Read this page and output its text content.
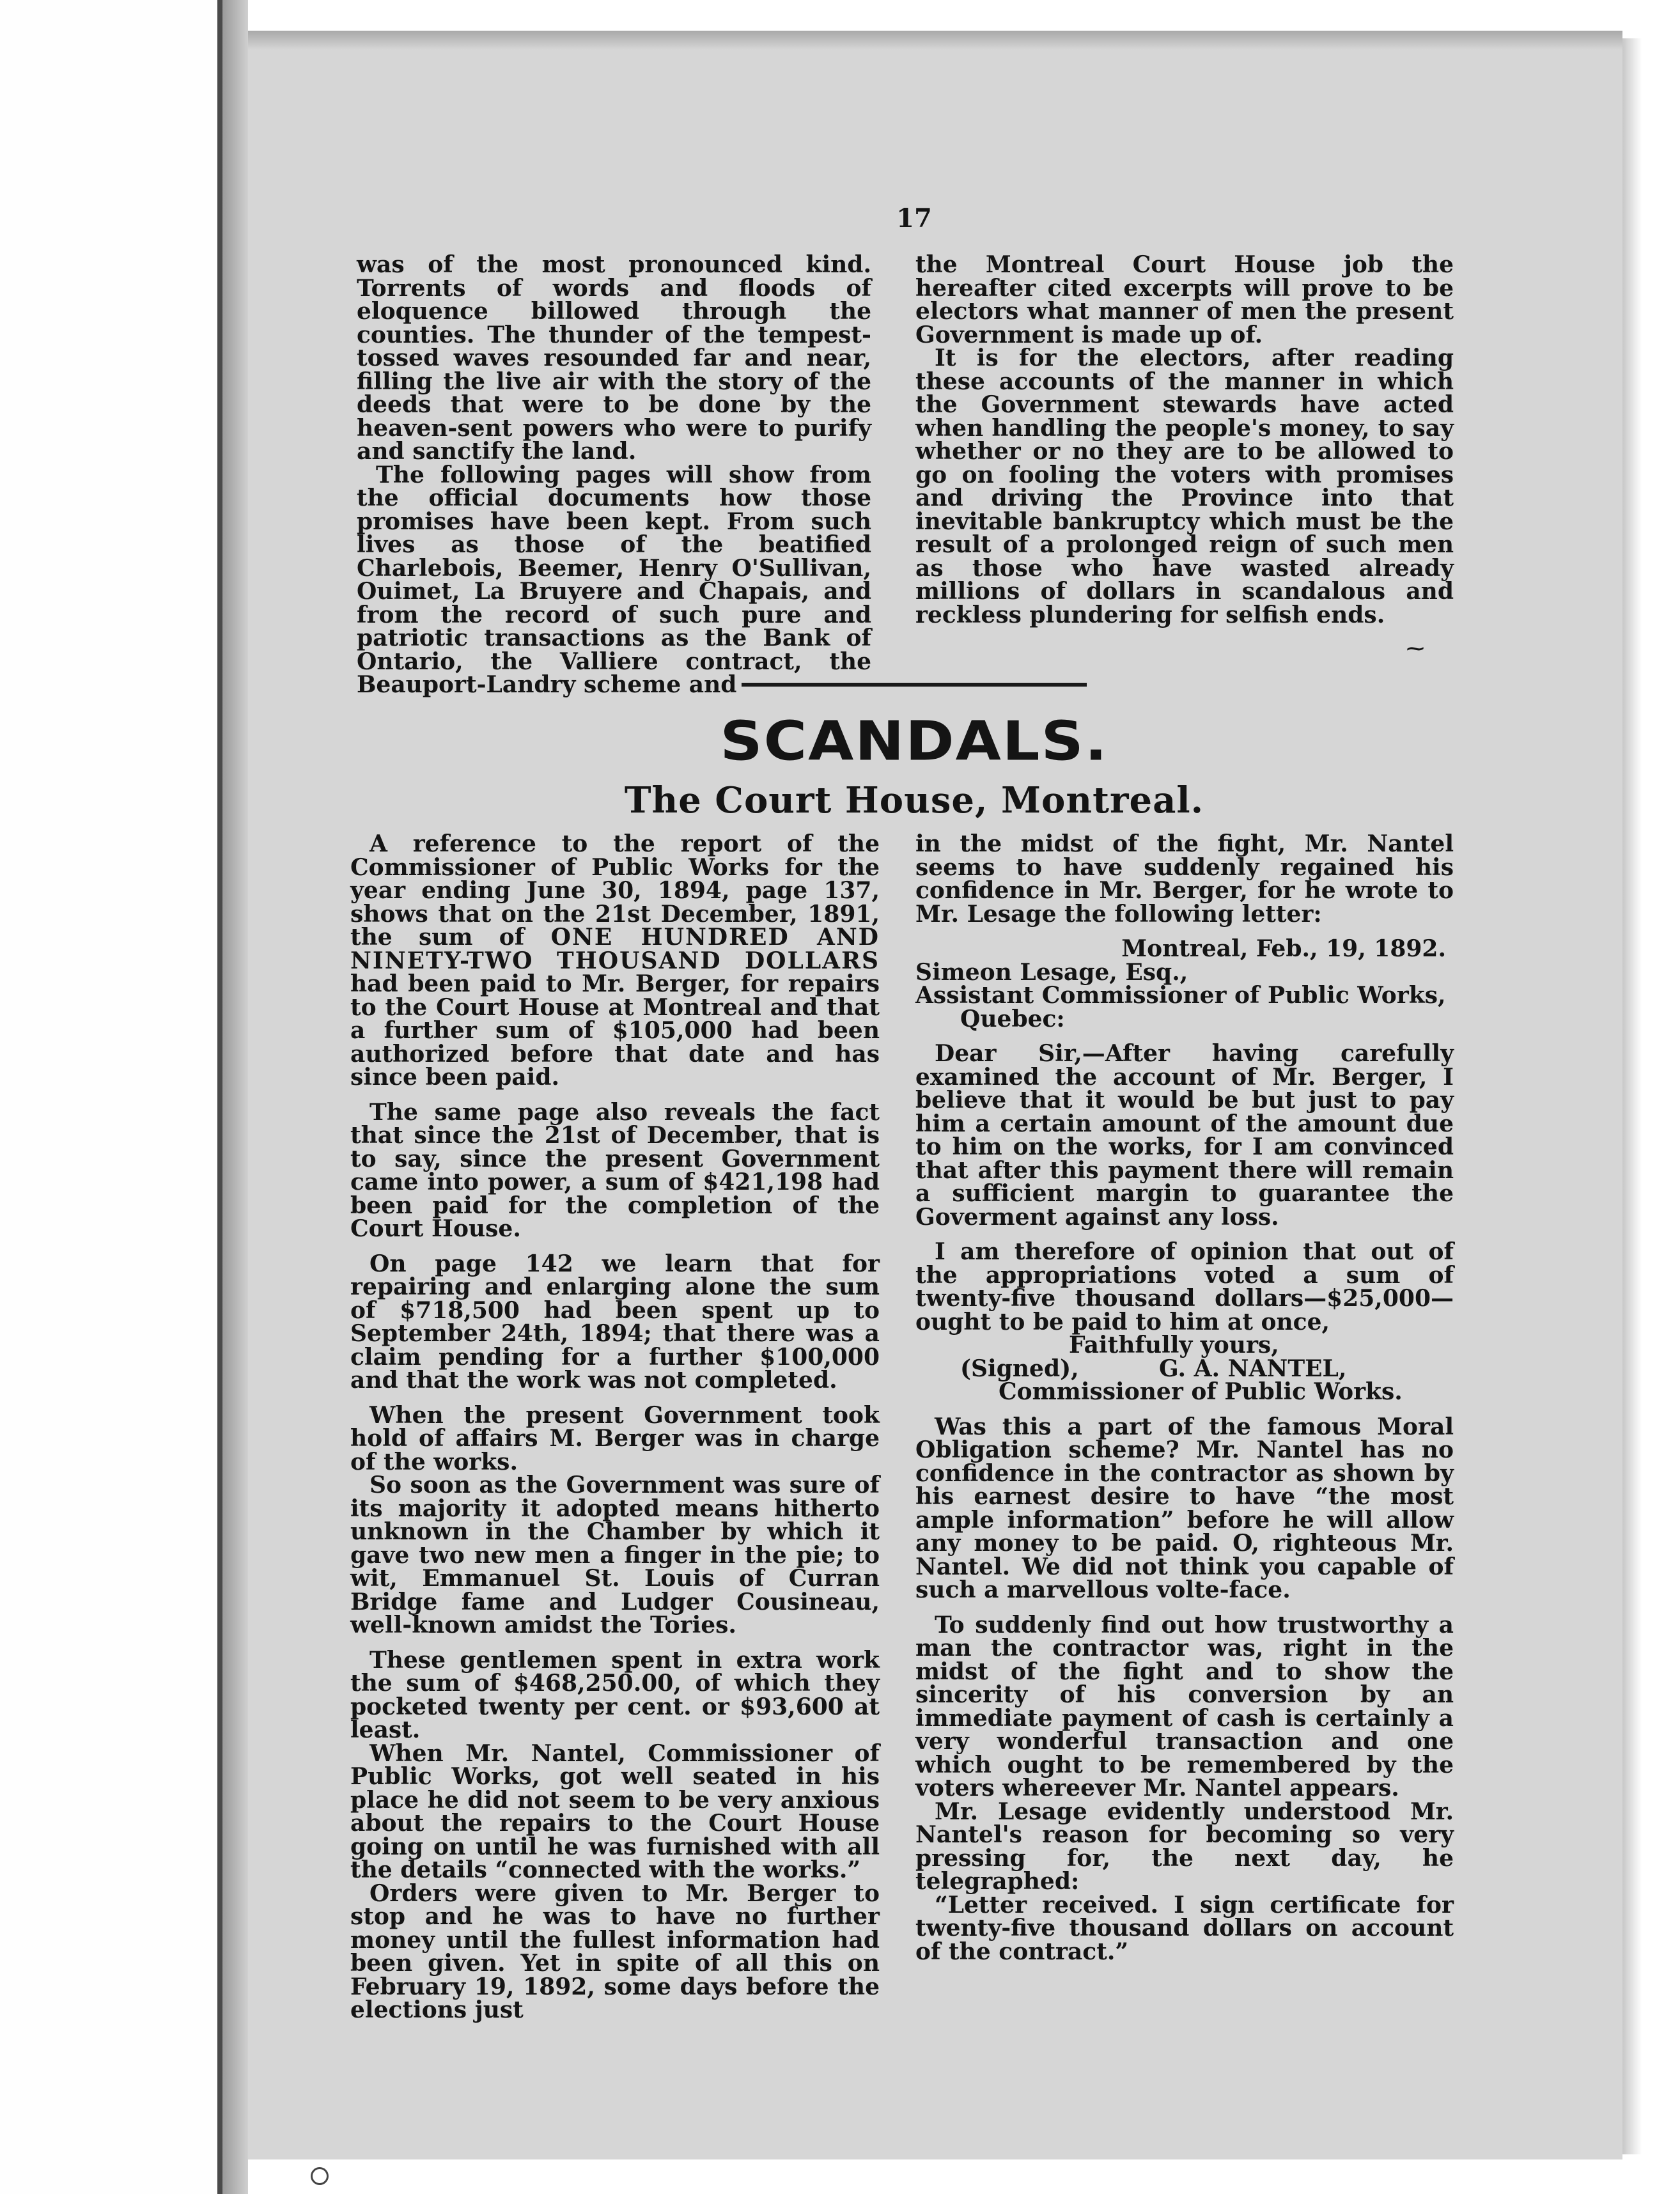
17

was of the most pronounced kind. Torrents of words and floods of eloquence billowed through the counties. The thunder of the tempest-tossed waves resounded far and near, filling the live air with the story of the deeds that were to be done by the heaven-sent powers who were to purify and sanctify the land.

The following pages will show from the official documents how those promises have been kept. From such lives as those of the beatified Charlebois, Beemer, Henry O'Sullivan, Ouimet, La Bruyere and Chapais, and from the record of such pure and patriotic transactions as the Bank of Ontario, the Valliere contract, the Beauport-Landry scheme and

the Montreal Court House job the hereafter cited excerpts will prove to be electors what manner of men the present Government is made up of.

It is for the electors, after reading these accounts of the manner in which the Government stewards have acted when handling the people's money, to say whether or no they are to be allowed to go on fooling the voters with promises and driving the Province into that inevitable bankruptcy which must be the result of a prolonged reign of such men as those who have wasted already millions of dollars in scandalous and reckless plundering for selfish ends.

⁓
SCANDALS.
The Court House, Montreal.

A reference to the report of the Commissioner of Public Works for the year ending June 30, 1894, page 137, shows that on the 21st December, 1891, the sum of ONE HUNDRED AND NINETY-TWO THOUSAND DOLLARS had been paid to Mr. Berger, for repairs to the Court House at Montreal and that a further sum of $105,000 had been authorized before that date and has since been paid.

The same page also reveals the fact that since the 21st of December, that is to say, since the present Government came into power, a sum of $421,198 had been paid for the completion of the Court House.

On page 142 we learn that for repairing and enlarging alone the sum of $718,500 had been spent up to September 24th, 1894; that there was a claim pending for a further $100,000 and that the work was not completed.

When the present Government took hold of affairs M. Berger was in charge of the works.

So soon as the Government was sure of its majority it adopted means hitherto unknown in the Chamber by which it gave two new men a finger in the pie; to wit, Emmanuel St. Louis of Curran Bridge fame and Ludger Cousineau, well-known amidst the Tories.

These gentlemen spent in extra work the sum of $468,250.00, of which they pocketed twenty per cent. or $93,600 at least.

When Mr. Nantel, Commissioner of Public Works, got well seated in his place he did not seem to be very anxious about the repairs to the Court House going on until he was furnished with all the details “connected with the works.”

Orders were given to Mr. Berger to stop and he was to have no further money until the fullest information had been given. Yet in spite of all this on February 19, 1892, some days before the elections just

in the midst of the fight, Mr. Nantel seems to have suddenly regained his confidence in Mr. Berger, for he wrote to Mr. Lesage the following letter:

Montreal, Feb., 19, 1892.

Simeon Lesage, Esq.,

Assistant Commissioner of Public Works,

Quebec:

Dear Sir,—After having carefully examined the account of Mr. Berger, I believe that it would be but just to pay him a certain amount of the amount due to him on the works, for I am convinced that after this payment there will remain a sufficient margin to guarantee the Goverment against any loss.

I am therefore of opinion that out of the appropriations voted a sum of twenty-five thousand dollars—$25,000—ought to be paid to him at once,

Faithfully yours,

(Signed),	G. A. NANTEL,

Commissioner of Public Works.

Was this a part of the famous Moral Obligation scheme? Mr. Nantel has no confidence in the contractor as shown by his earnest desire to have “the most ample information” before he will allow any money to be paid. O, righteous Mr. Nantel. We did not think you capable of such a marvellous volte-face.

To suddenly find out how trustworthy a man the contractor was, right in the midst of the fight and to show the sincerity of his conversion by an immediate payment of cash is certainly a very wonderful transaction and one which ought to be remembered by the voters whereever Mr. Nantel appears.

Mr. Lesage evidently understood Mr. Nantel's reason for becoming so very pressing for, the next day, he telegraphed:

“Letter received. I sign certificate for twenty-five thousand dollars on account of the contract.”
